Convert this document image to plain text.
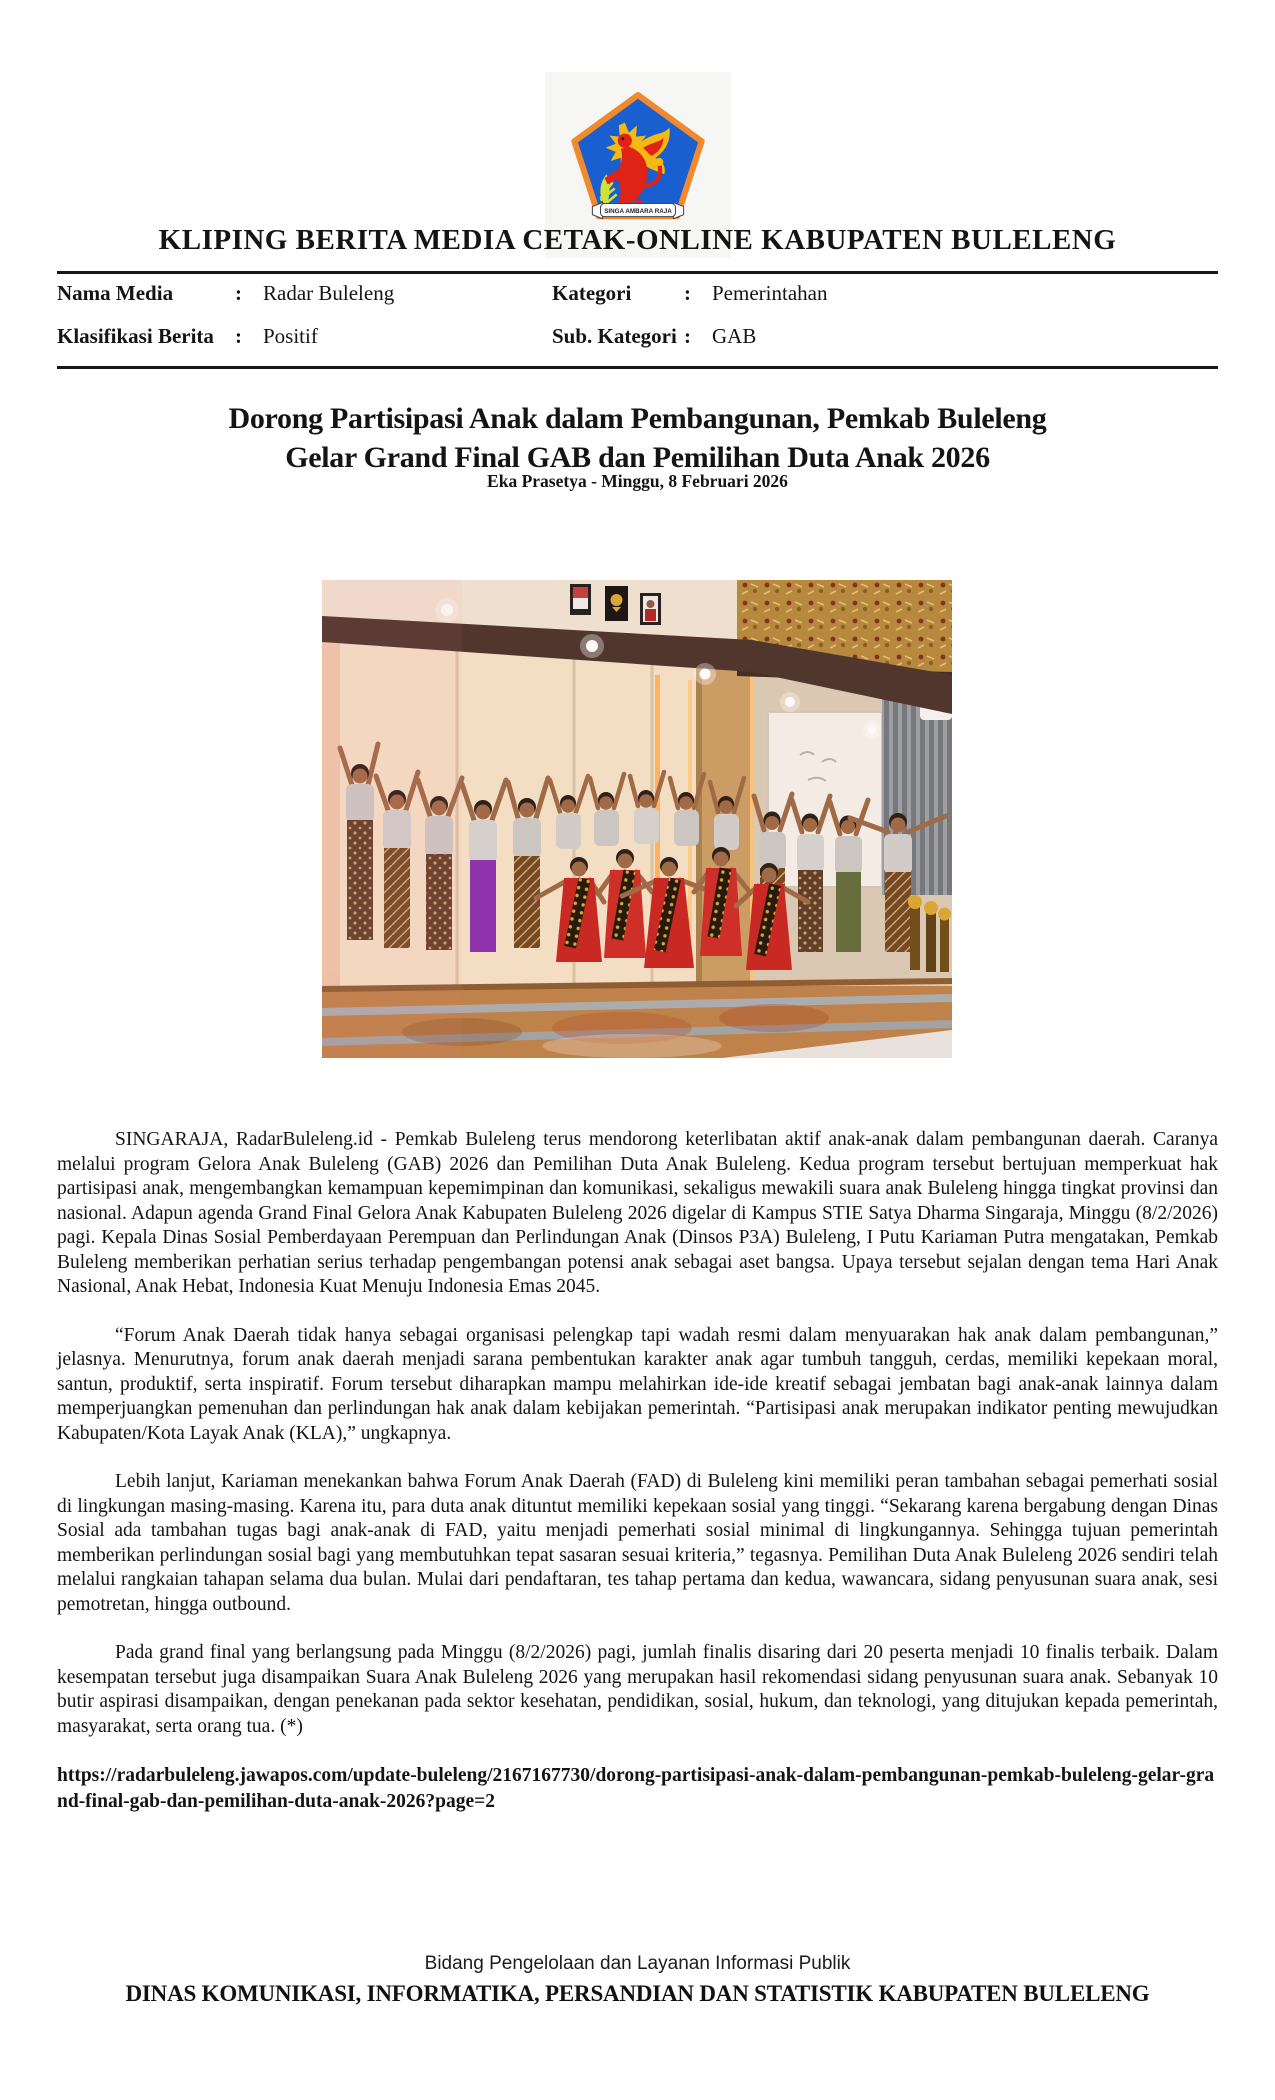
SINGA AMBARA RAJA
KLIPING BERITA MEDIA CETAK-ONLINE KABUPATEN BULELENG
Nama Media	:	Radar Buleleng
Klasifikasi Berita	:	Positif
Kategori	:	Pemerintahan
Sub. Kategori :	GAB
Dorong Partisipasi Anak dalam Pembangunan, Pemkab Buleleng
Gelar Grand Final GAB dan Pemilihan Duta Anak 2026
Eka Prasetya - Minggu, 8 Februari 2026

SINGARAJA, RadarBuleleng.id - Pemkab Buleleng terus mendorong keterlibatan aktif anak-anak dalam pembangunan daerah. Caranya melalui program Gelora Anak Buleleng (GAB) 2026 dan Pemilihan Duta Anak Buleleng. Kedua program tersebut bertujuan memperkuat hak partisipasi anak, mengembangkan kemampuan kepemimpinan dan komunikasi, sekaligus mewakili suara anak Buleleng hingga tingkat provinsi dan nasional. Adapun agenda Grand Final Gelora Anak Kabupaten Buleleng 2026 digelar di Kampus STIE Satya Dharma Singaraja, Minggu (8/2/2026) pagi. Kepala Dinas Sosial Pemberdayaan Perempuan dan Perlindungan Anak (Dinsos P3A) Buleleng, I Putu Kariaman Putra mengatakan, Pemkab Buleleng memberikan perhatian serius terhadap pengembangan potensi anak sebagai aset bangsa. Upaya tersebut sejalan dengan tema Hari Anak Nasional, Anak Hebat, Indonesia Kuat Menuju Indonesia Emas 2045.

“Forum Anak Daerah tidak hanya sebagai organisasi pelengkap tapi wadah resmi dalam menyuarakan hak anak dalam pembangunan,” jelasnya. Menurutnya, forum anak daerah menjadi sarana pembentukan karakter anak agar tumbuh tangguh, cerdas, memiliki kepekaan moral, santun, produktif, serta inspiratif. Forum tersebut diharapkan mampu melahirkan ide-ide kreatif sebagai jembatan bagi anak-anak lainnya dalam memperjuangkan pemenuhan dan perlindungan hak anak dalam kebijakan pemerintah. “Partisipasi anak merupakan indikator penting mewujudkan Kabupaten/Kota Layak Anak (KLA),” ungkapnya.

Lebih lanjut, Kariaman menekankan bahwa Forum Anak Daerah (FAD) di Buleleng kini memiliki peran tambahan sebagai pemerhati sosial di lingkungan masing-masing. Karena itu, para duta anak dituntut memiliki kepekaan sosial yang tinggi. “Sekarang karena bergabung dengan Dinas Sosial ada tambahan tugas bagi anak-anak di FAD, yaitu menjadi pemerhati sosial minimal di lingkungannya. Sehingga tujuan pemerintah memberikan perlindungan sosial bagi yang membutuhkan tepat sasaran sesuai kriteria,” tegasnya. Pemilihan Duta Anak Buleleng 2026 sendiri telah melalui rangkaian tahapan selama dua bulan. Mulai dari pendaftaran, tes tahap pertama dan kedua, wawancara, sidang penyusunan suara anak, sesi pemotretan, hingga outbound.

Pada grand final yang berlangsung pada Minggu (8/2/2026) pagi, jumlah finalis disaring dari 20 peserta menjadi 10 finalis terbaik. Dalam kesempatan tersebut juga disampaikan Suara Anak Buleleng 2026 yang merupakan hasil rekomendasi sidang penyusunan suara anak. Sebanyak 10 butir aspirasi disampaikan, dengan penekanan pada sektor kesehatan, pendidikan, sosial, hukum, dan teknologi, yang ditujukan kepada pemerintah, masyarakat, serta orang tua. (*)

https://radarbuleleng.jawapos.com/update-buleleng/2167167730/dorong-partisipasi-anak-dalam-pembangunan-pemkab-buleleng-gelar-grand-final-gab-dan-pemilihan-duta-anak-2026?page=2
Bidang Pengelolaan dan Layanan Informasi Publik
DINAS KOMUNIKASI, INFORMATIKA, PERSANDIAN DAN STATISTIK KABUPATEN BULELENG
